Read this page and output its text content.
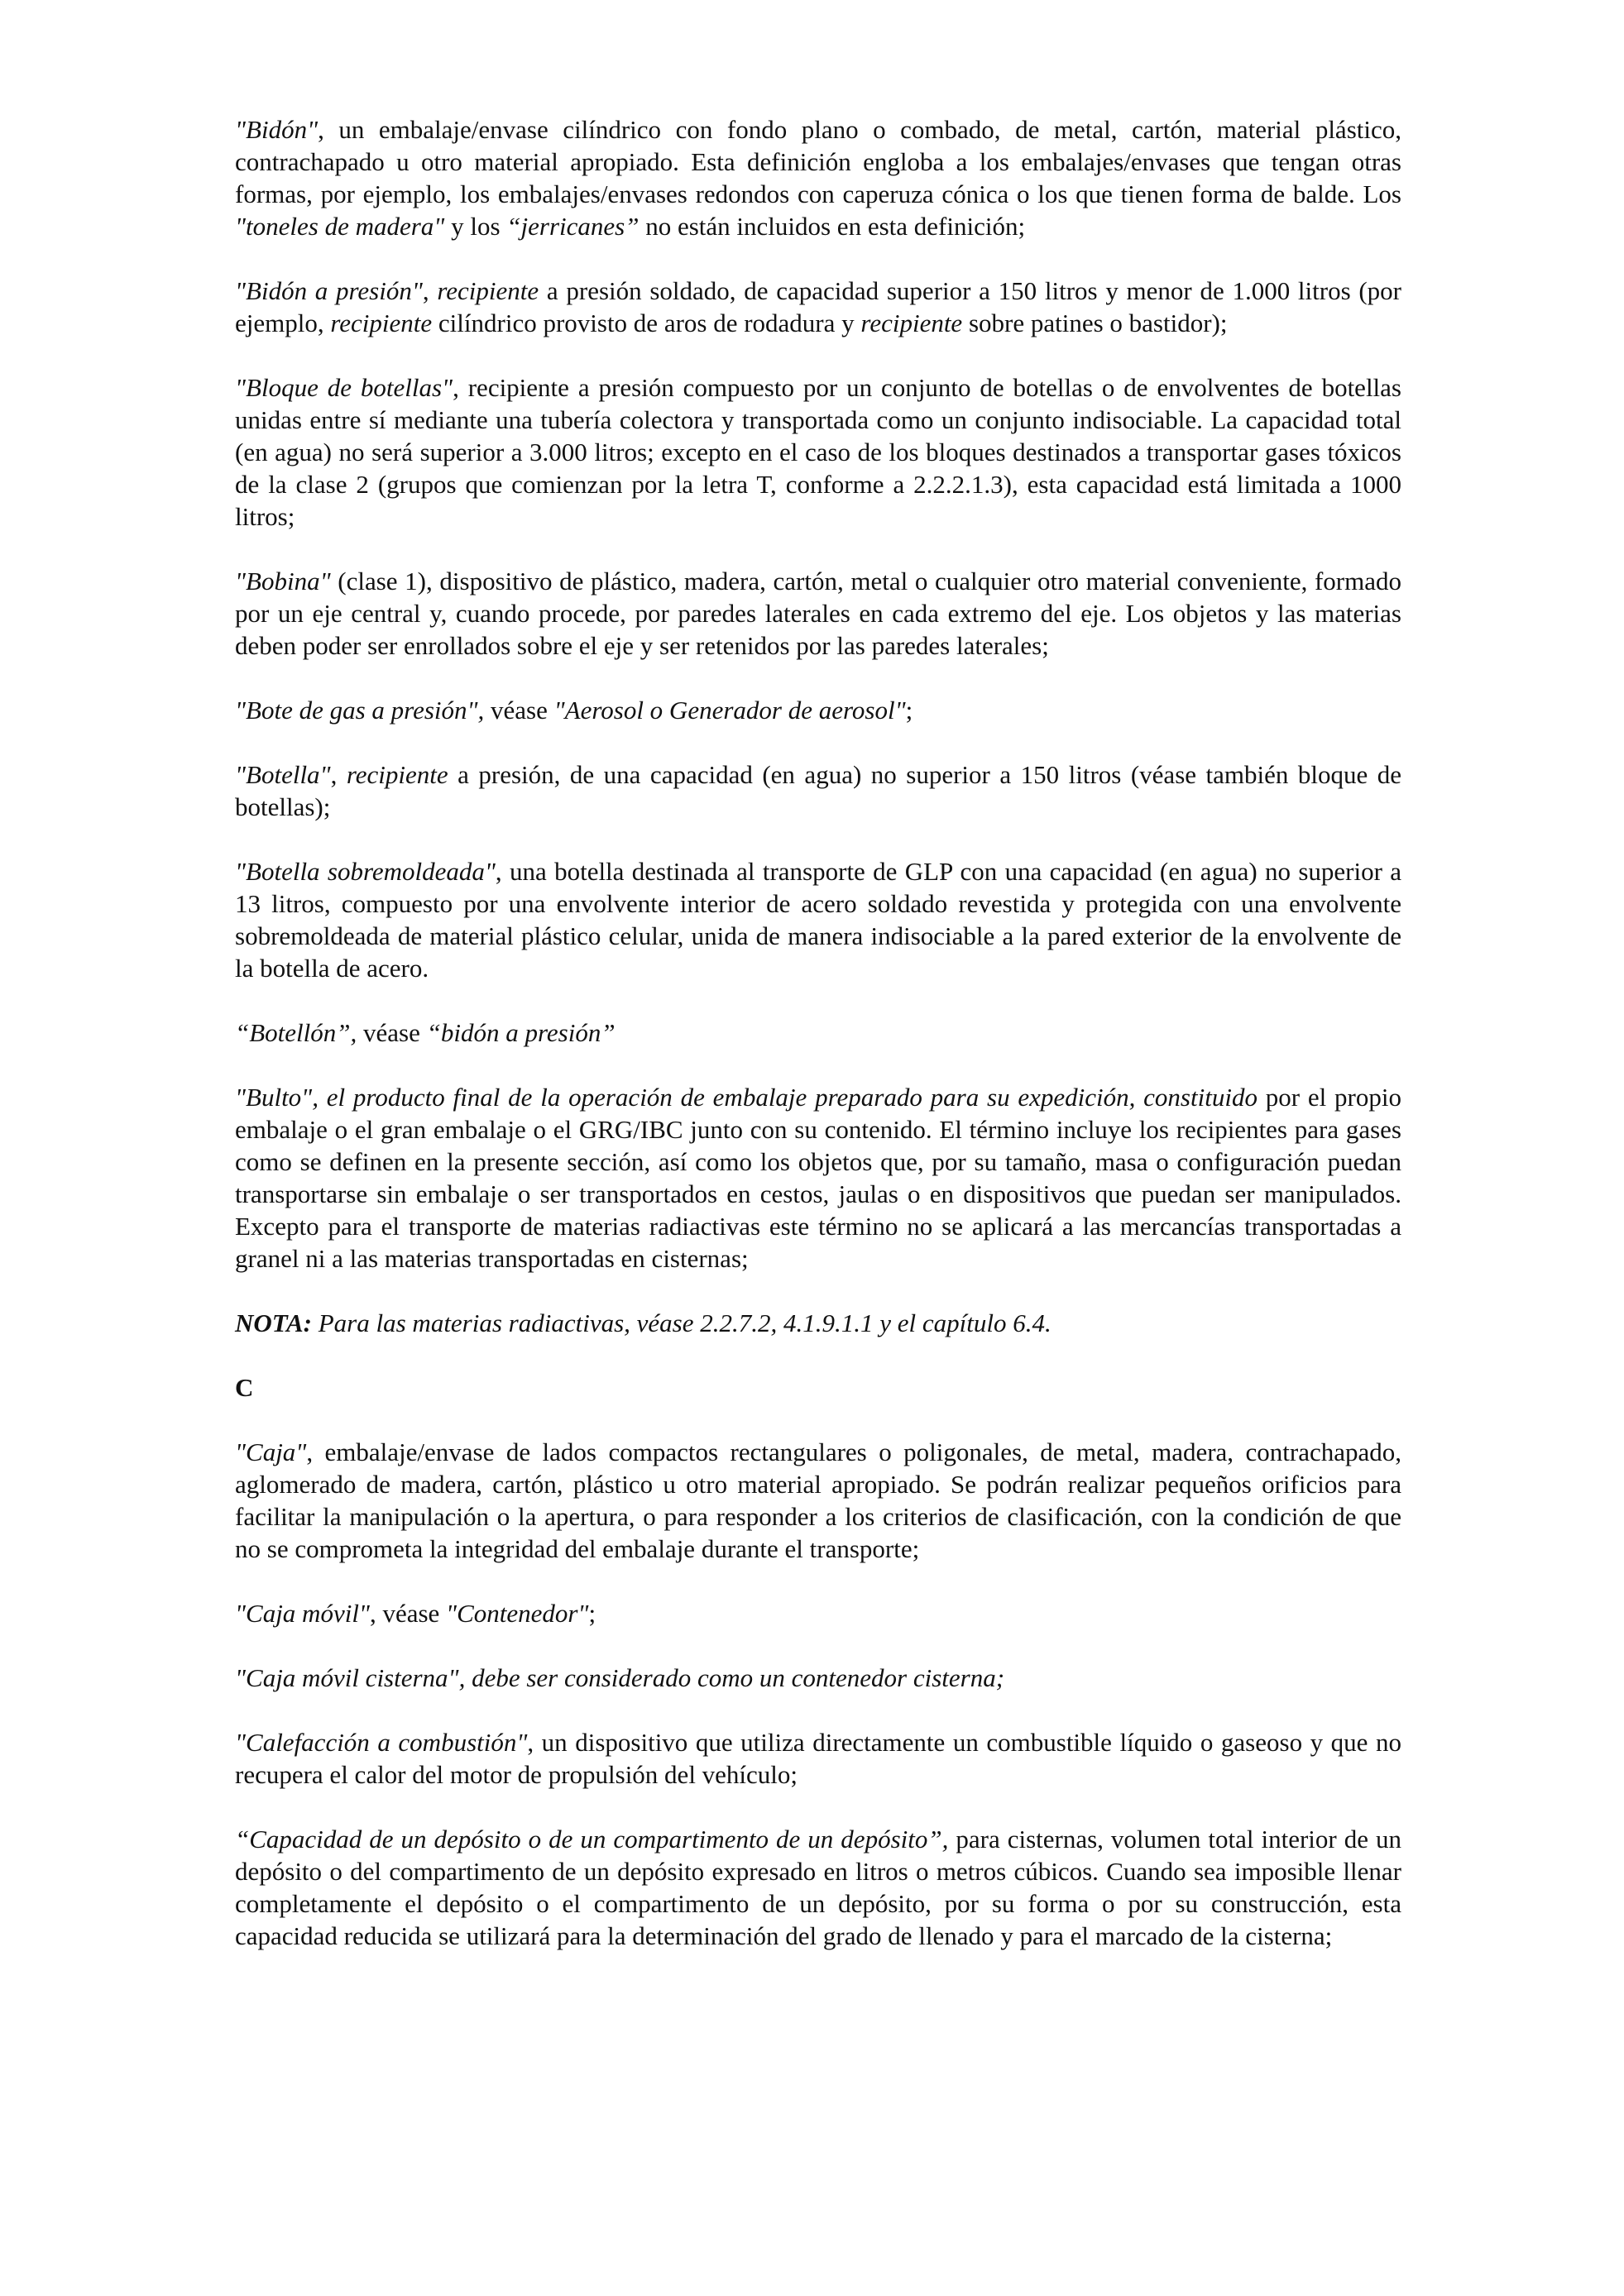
"Bidón", un embalaje/envase cilíndrico con fondo plano o combado, de metal, cartón, material plástico, contrachapado u otro material apropiado. Esta definición engloba a los embalajes/envases que tengan otras formas, por ejemplo, los embalajes/envases redondos con caperuza cónica o los que tienen forma de balde. Los "toneles de madera" y los “jerricanes” no están incluidos en esta definición;

"Bidón a presión", recipiente a presión soldado, de capacidad superior a 150 litros y menor de 1.000 litros (por ejemplo, recipiente cilíndrico provisto de aros de rodadura y recipiente sobre patines o bastidor);

"Bloque de botellas", recipiente a presión compuesto por un conjunto de botellas o de envolventes de botellas unidas entre sí mediante una tubería colectora y transportada como un conjunto indisociable. La capacidad total (en agua) no será superior a 3.000 litros; excepto en el caso de los bloques destinados a transportar gases tóxicos de la clase 2 (grupos que comienzan por la letra T, conforme a 2.2.2.1.3), esta capacidad está limitada a 1000 litros;

"Bobina" (clase 1), dispositivo de plástico, madera, cartón, metal o cualquier otro material conveniente, formado por un eje central y, cuando procede, por paredes laterales en cada extremo del eje. Los objetos y las materias deben poder ser enrollados sobre el eje y ser retenidos por las paredes laterales;

"Bote de gas a presión", véase "Aerosol o Generador de aerosol";

"Botella", recipiente a presión, de una capacidad (en agua) no superior a 150 litros (véase también bloque de botellas);

"Botella sobremoldeada", una botella destinada al transporte de GLP con una capacidad (en agua) no superior a 13 litros, compuesto por una envolvente interior de acero soldado revestida y protegida con una envolvente sobremoldeada de material plástico celular, unida de manera indisociable a la pared exterior de la envolvente de la botella de acero.

“Botellón”, véase “bidón a presión”

"Bulto", el producto final de la operación de embalaje preparado para su expedición, constituido por el propio embalaje o el gran embalaje o el GRG/IBC junto con su contenido. El término incluye los recipientes para gases como se definen en la presente sección, así como los objetos que, por su tamaño, masa o configuración puedan transportarse sin embalaje o ser transportados en cestos, jaulas o en dispositivos que puedan ser manipulados. Excepto para el transporte de materias radiactivas este término no se aplicará a las mercancías transportadas a granel ni a las materias transportadas en cisternas;

NOTA: Para las materias radiactivas, véase 2.2.7.2, 4.1.9.1.1 y el capítulo 6.4.

C

"Caja", embalaje/envase de lados compactos rectangulares o poligonales, de metal, madera, contrachapado, aglomerado de madera, cartón, plástico u otro material apropiado. Se podrán realizar pequeños orificios para facilitar la manipulación o la apertura, o para responder a los criterios de clasificación, con la condición de que no se comprometa la integridad del embalaje durante el transporte;

"Caja móvil", véase "Contenedor";

"Caja móvil cisterna", debe ser considerado como un contenedor cisterna;

"Calefacción a combustión", un dispositivo que utiliza directamente un combustible líquido o gaseoso y que no recupera el calor del motor de propulsión del vehículo;

“Capacidad de un depósito o de un compartimento de un depósito”, para cisternas, volumen total interior de un depósito o del compartimento de un depósito expresado en litros o metros cúbicos. Cuando sea imposible llenar completamente el depósito o el compartimento de un depósito, por su forma o por su construcción, esta capacidad reducida se utilizará para la determinación del grado de llenado y para el marcado de la cisterna;
